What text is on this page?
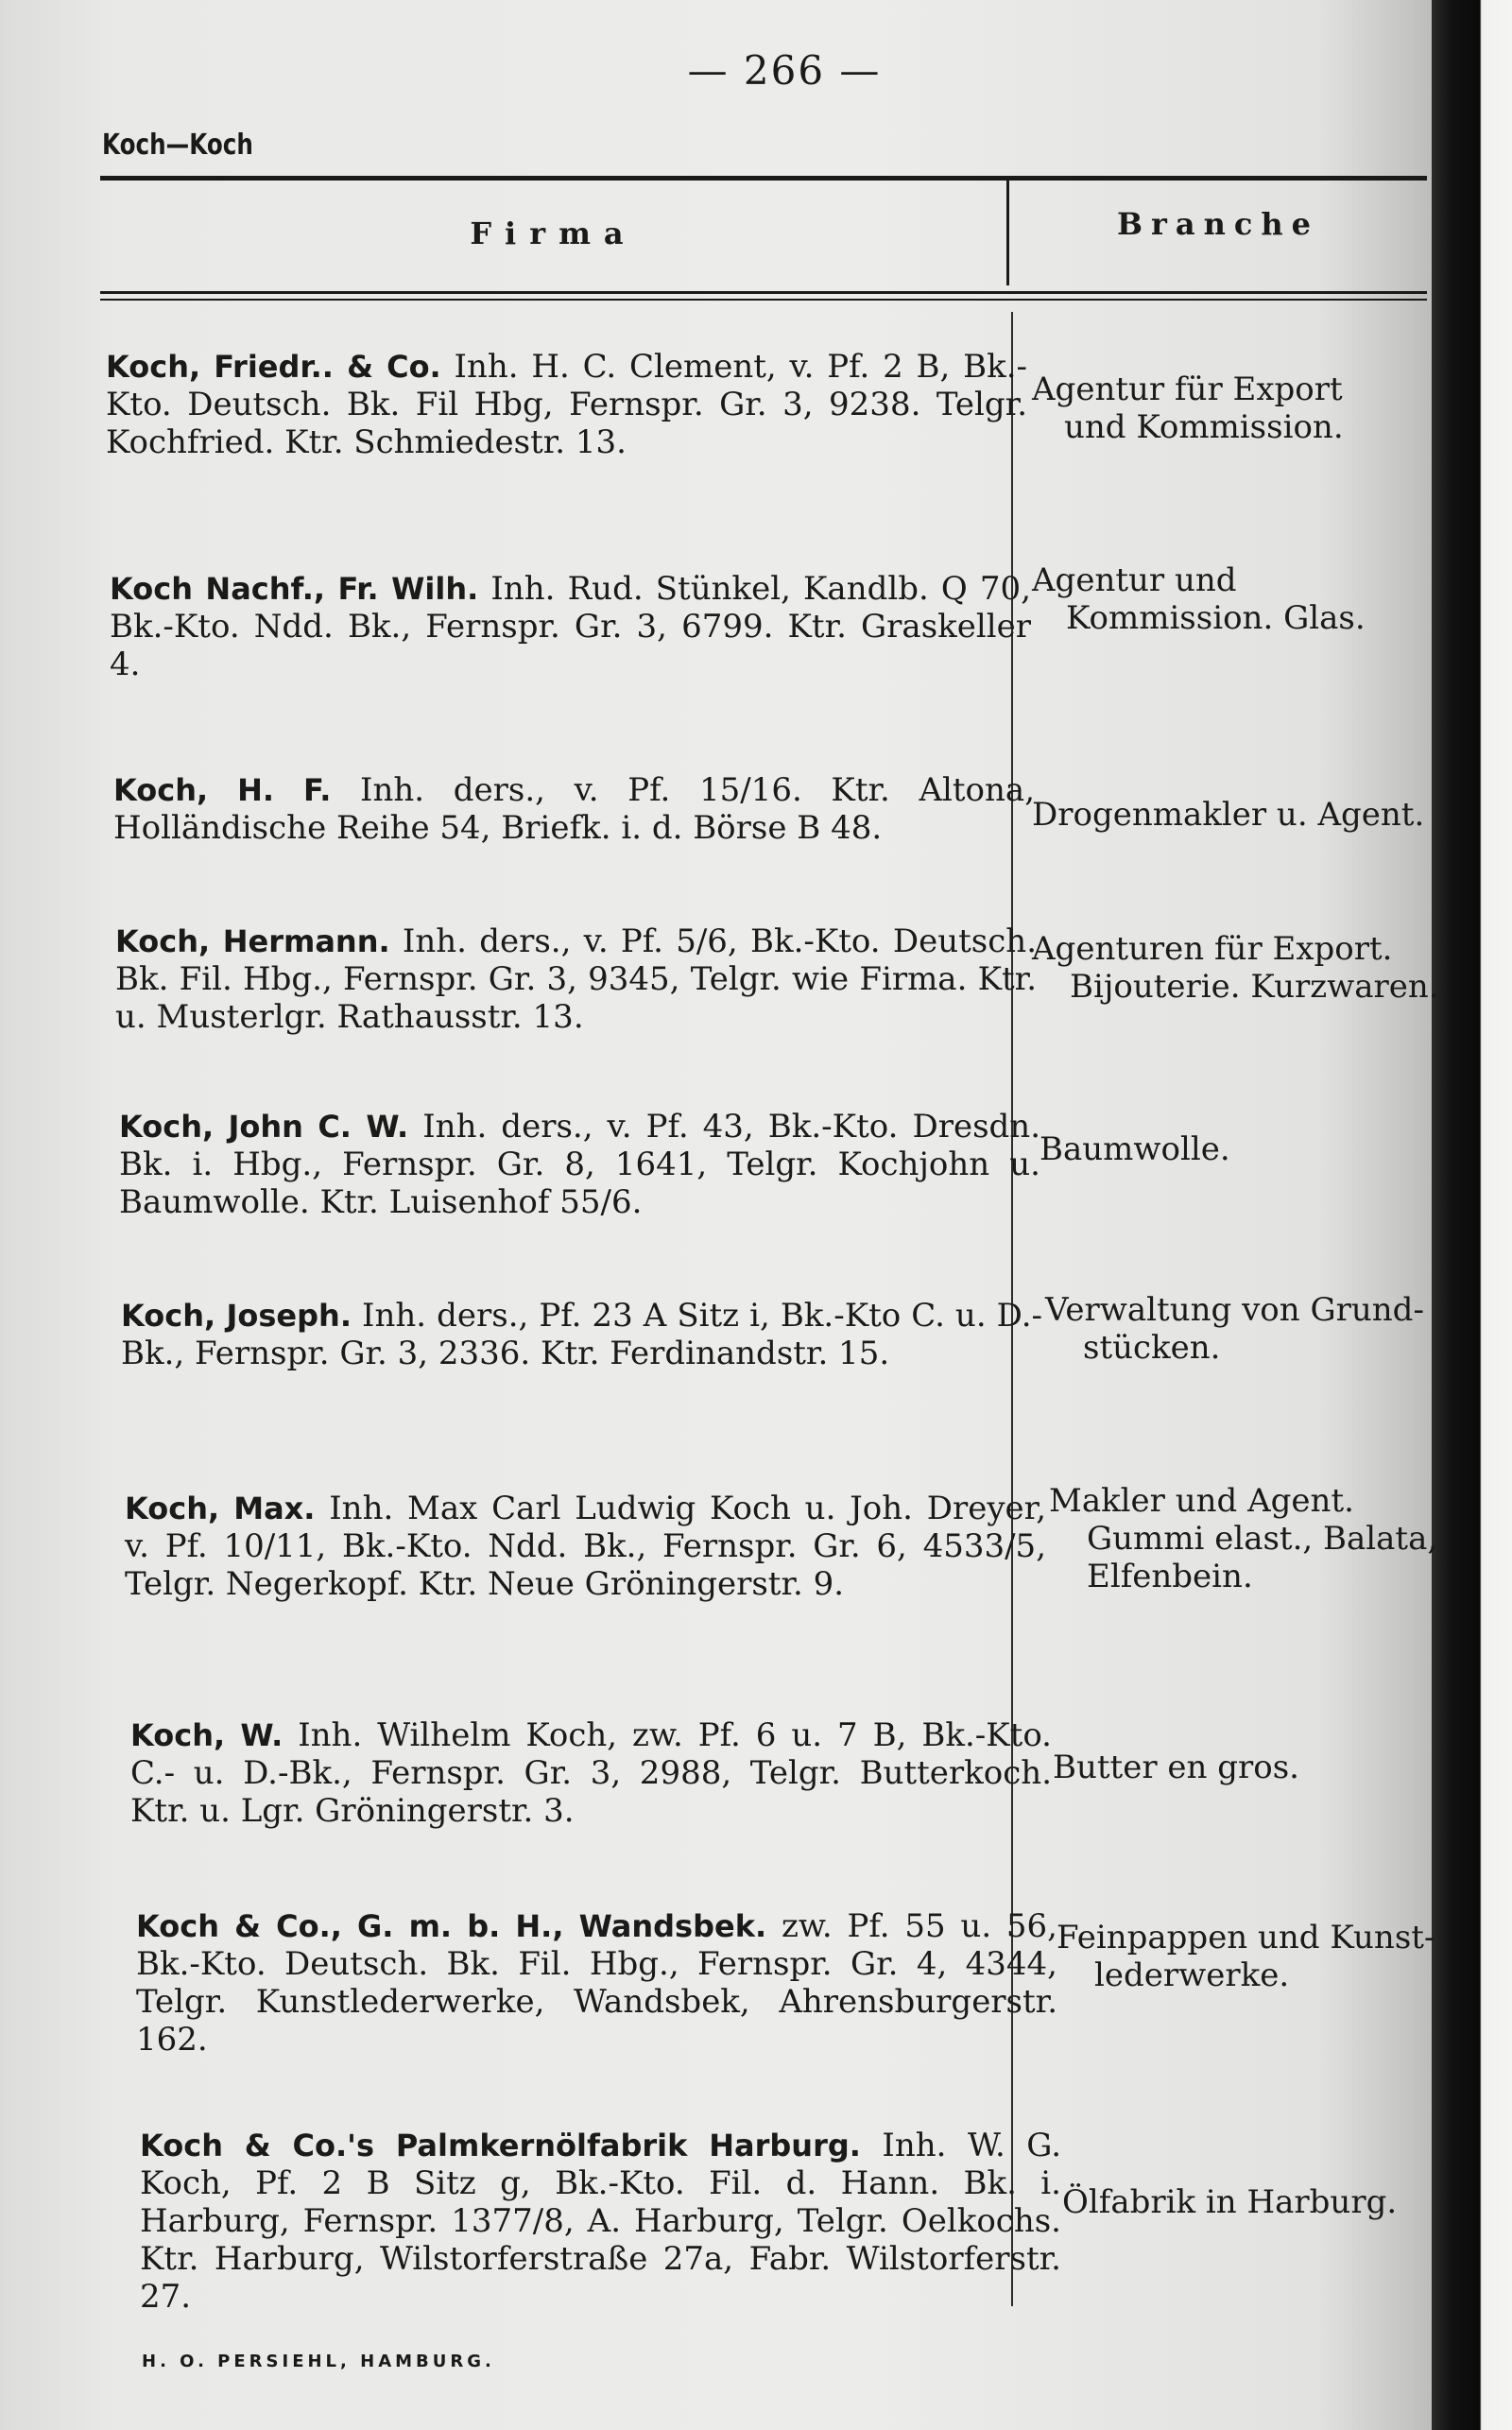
— 266 —
Koch—Koch
Firma	Branche
Koch, Friedr.. & Co. Inh. H. C. Clement, v. Pf. 2 B, Bk.-Kto. Deutsch. Bk. Fil Hbg, Fernspr. Gr. 3, 9238. Telgr. Kochfried. Ktr. Schmiedestr. 13.
Agentur für Export
und Kommission.
Koch Nachf., Fr. Wilh. Inh. Rud. Stünkel, Kandlb. Q 70, Bk.-Kto. Ndd. Bk., Fernspr. Gr. 3, 6799. Ktr. Graskeller 4.
Agentur und
Kommission. Glas.
Koch, H. F. Inh. ders., v. Pf. 15/16. Ktr. Altona, Holländische Reihe 54, Briefk. i. d. Börse B 48.	Drogenmakler u. Agent.
Koch, Hermann. Inh. ders., v. Pf. 5/6, Bk.-Kto. Deutsch. Bk. Fil. Hbg., Fernspr. Gr. 3, 9345, Telgr. wie Firma. Ktr. u. Musterlgr. Rathausstr. 13.
Agenturen für Export.
Bijouterie. Kurzwaren.
Koch, John C. W. Inh. ders., v. Pf. 43, Bk.-Kto. Dresdn. Bk. i. Hbg., Fernspr. Gr. 8, 1641, Telgr. Kochjohn u. Baumwolle. Ktr. Luisenhof 55/6.
Baumwolle.
Koch, Joseph. Inh. ders., Pf. 23 A Sitz i, Bk.-Kto C. u. D.-Bk., Fernspr. Gr. 3, 2336. Ktr. Ferdinandstr. 15.
Verwaltung von Grund-
stücken.
Koch, Max. Inh. Max Carl Ludwig Koch u. Joh. Dreyer, v. Pf. 10/11, Bk.-Kto. Ndd. Bk., Fernspr. Gr. 6, 4533/5, Telgr. Negerkopf. Ktr. Neue Gröningerstr. 9.
Makler und Agent.
Gummi elast., Balata,
Elfenbein.
Koch, W. Inh. Wilhelm Koch, zw. Pf. 6 u. 7 B, Bk.-Kto. C.- u. D.-Bk., Fernspr. Gr. 3, 2988, Telgr. Butterkoch. Ktr. u. Lgr. Gröningerstr. 3.
Butter en gros.
Koch & Co., G. m. b. H., Wandsbek. zw. Pf. 55 u. 56, Bk.-Kto. Deutsch. Bk. Fil. Hbg., Fernspr. Gr. 4, 4344, Telgr. Kunstlederwerke, Wandsbek, Ahrensburgerstr. 162.
Feinpappen und Kunst-
lederwerke.
Koch & Co.'s Palmkernölfabrik Harburg. Inh. W. G. Koch, Pf. 2 B Sitz g, Bk.-Kto. Fil. d. Hann. Bk. i. Harburg, Fernspr. 1377/8, A. Harburg, Telgr. Oelkochs. Ktr. Harburg, Wilstorferstraße 27a, Fabr. Wilstorferstr. 27.
Ölfabrik in Harburg.
H. O. PERSIEHL, HAMBURG.
